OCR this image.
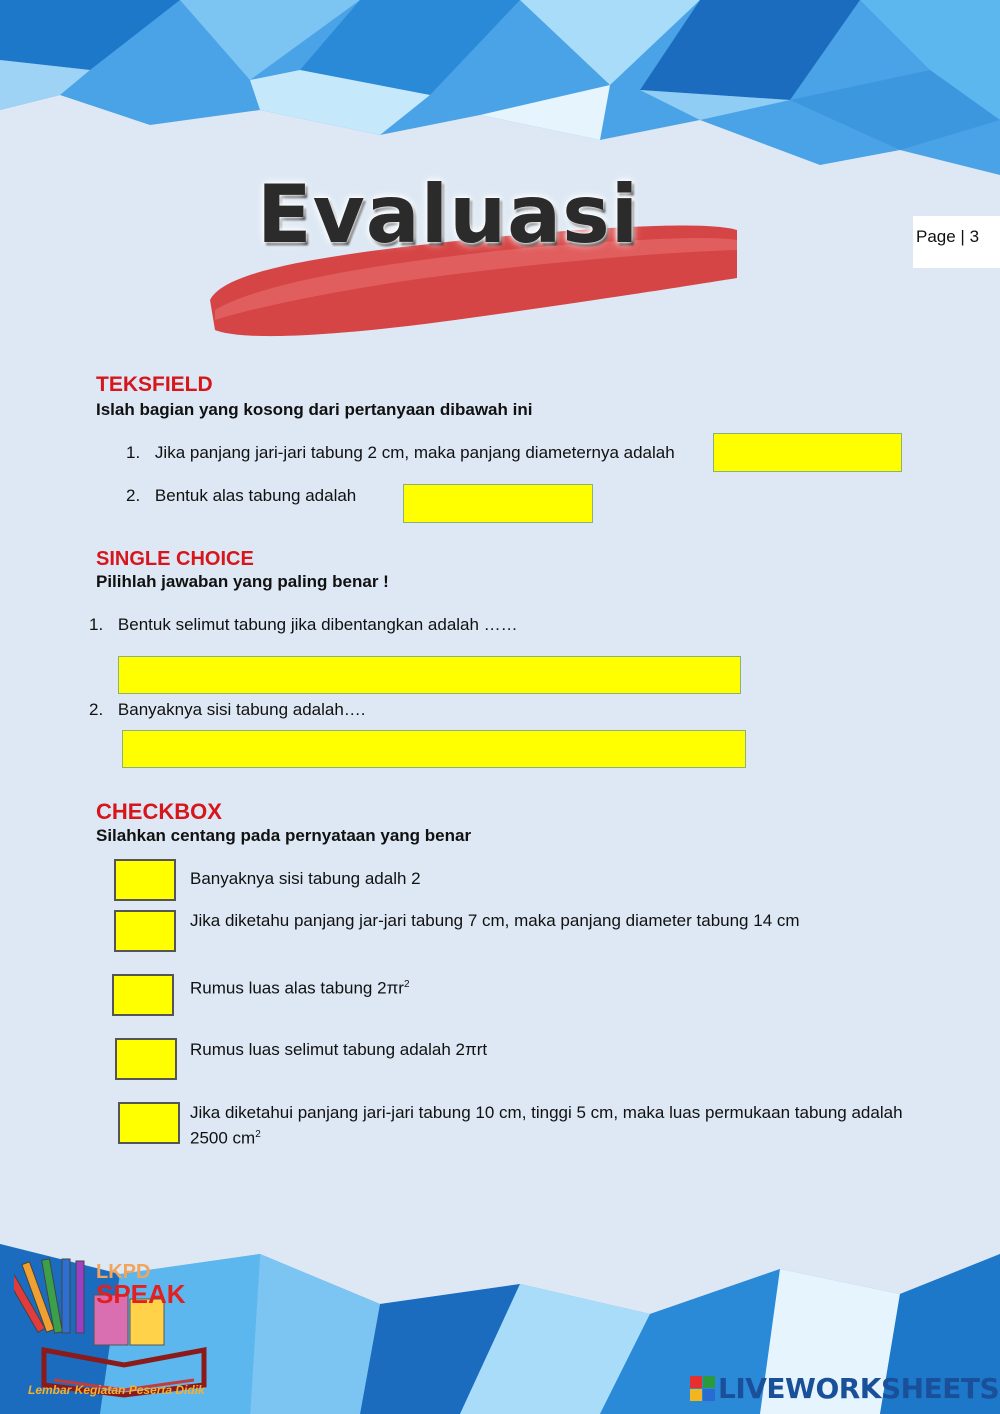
Evaluasi	Page | 3
TEKSFIELD
Islah bagian yang kosong dari pertanyaan dibawah ini
1. Jika panjang jari-jari tabung 2 cm, maka panjang diameternya adalah
2. Bentuk alas tabung adalah
SINGLE CHOICE
Pilihlah jawaban yang paling benar !
1. Bentuk selimut tabung jika dibentangkan adalah ……
2. Banyaknya sisi tabung adalah….
CHECKBOX
Silahkan centang pada pernyataan yang benar
Banyaknya sisi tabung adalh 2
Jika diketahu panjang jar-jari tabung 7 cm, maka panjang diameter tabung 14 cm
Rumus luas alas tabung $2\pi r^2$
Rumus luas selimut tabung adalah 2πrt
Jika diketahui panjang jari-jari tabung 10 cm, tinggi 5 cm, maka luas permukaan tabung adalah 2500 $cm^2$
LKPD
SPEAK
Lembar Kegiatan Peserta Didik	LIVEWORKSHEETS
